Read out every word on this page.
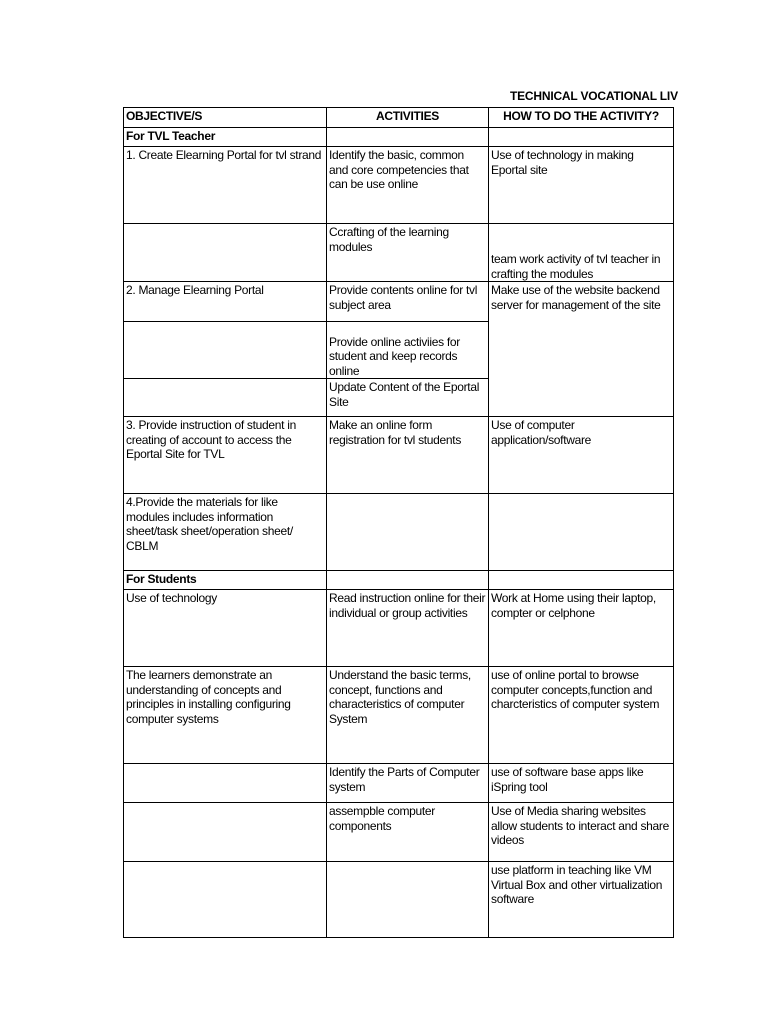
TECHNICAL VOCATIONAL LIV
OBJECTIVE/S	ACTIVITIES	HOW TO DO THE ACTIVITY?
For TVL Teacher		
1. Create Elearning Portal for tvl strand	Identify the basic, common and core competencies that can be use online	Use of technology in making Eportal site
	Ccrafting of the learning modules	team work activity of tvl teacher in crafting the modules
2. Manage Elearning Portal	Provide contents online for tvl subject area	Make use of the website backend server for management of the site
	Provide online activiies for student and keep records online	
	Update Content of the Eportal Site	
3. Provide instruction of student in creating of account to access the Eportal Site for TVL	Make an online form registration for tvl students	Use of computer application/software
4.Provide the materials for like modules includes information sheet/task sheet/operation sheet/ CBLM		
For Students		
Use of technology	Read instruction online for their individual or group activities	Work at Home using their laptop, compter or celphone
The learners demonstrate an understanding of concepts and principles in installing configuring computer systems	Understand the basic terms, concept, functions and characteristics of computer System	use of online portal to browse computer concepts,function and charcteristics of computer system
	Identify the Parts of Computer system	use of software base apps like iSpring tool
	assempble computer components	Use of Media sharing websites allow students to interact and share videos
		use platform in teaching like VM Virtual Box and other virtualization software
